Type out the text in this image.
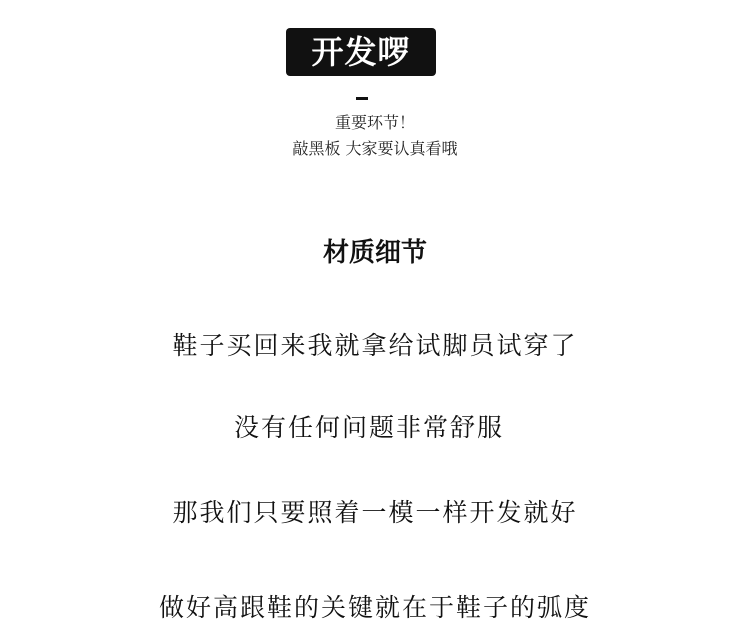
开发啰
重要环节！
敲黑板 大家要认真看哦
材质细节
鞋子买回来我就拿给试脚员试穿了
没有任何问题非常舒服
那我们只要照着一模一样开发就好
做好高跟鞋的关键就在于鞋子的弧度
